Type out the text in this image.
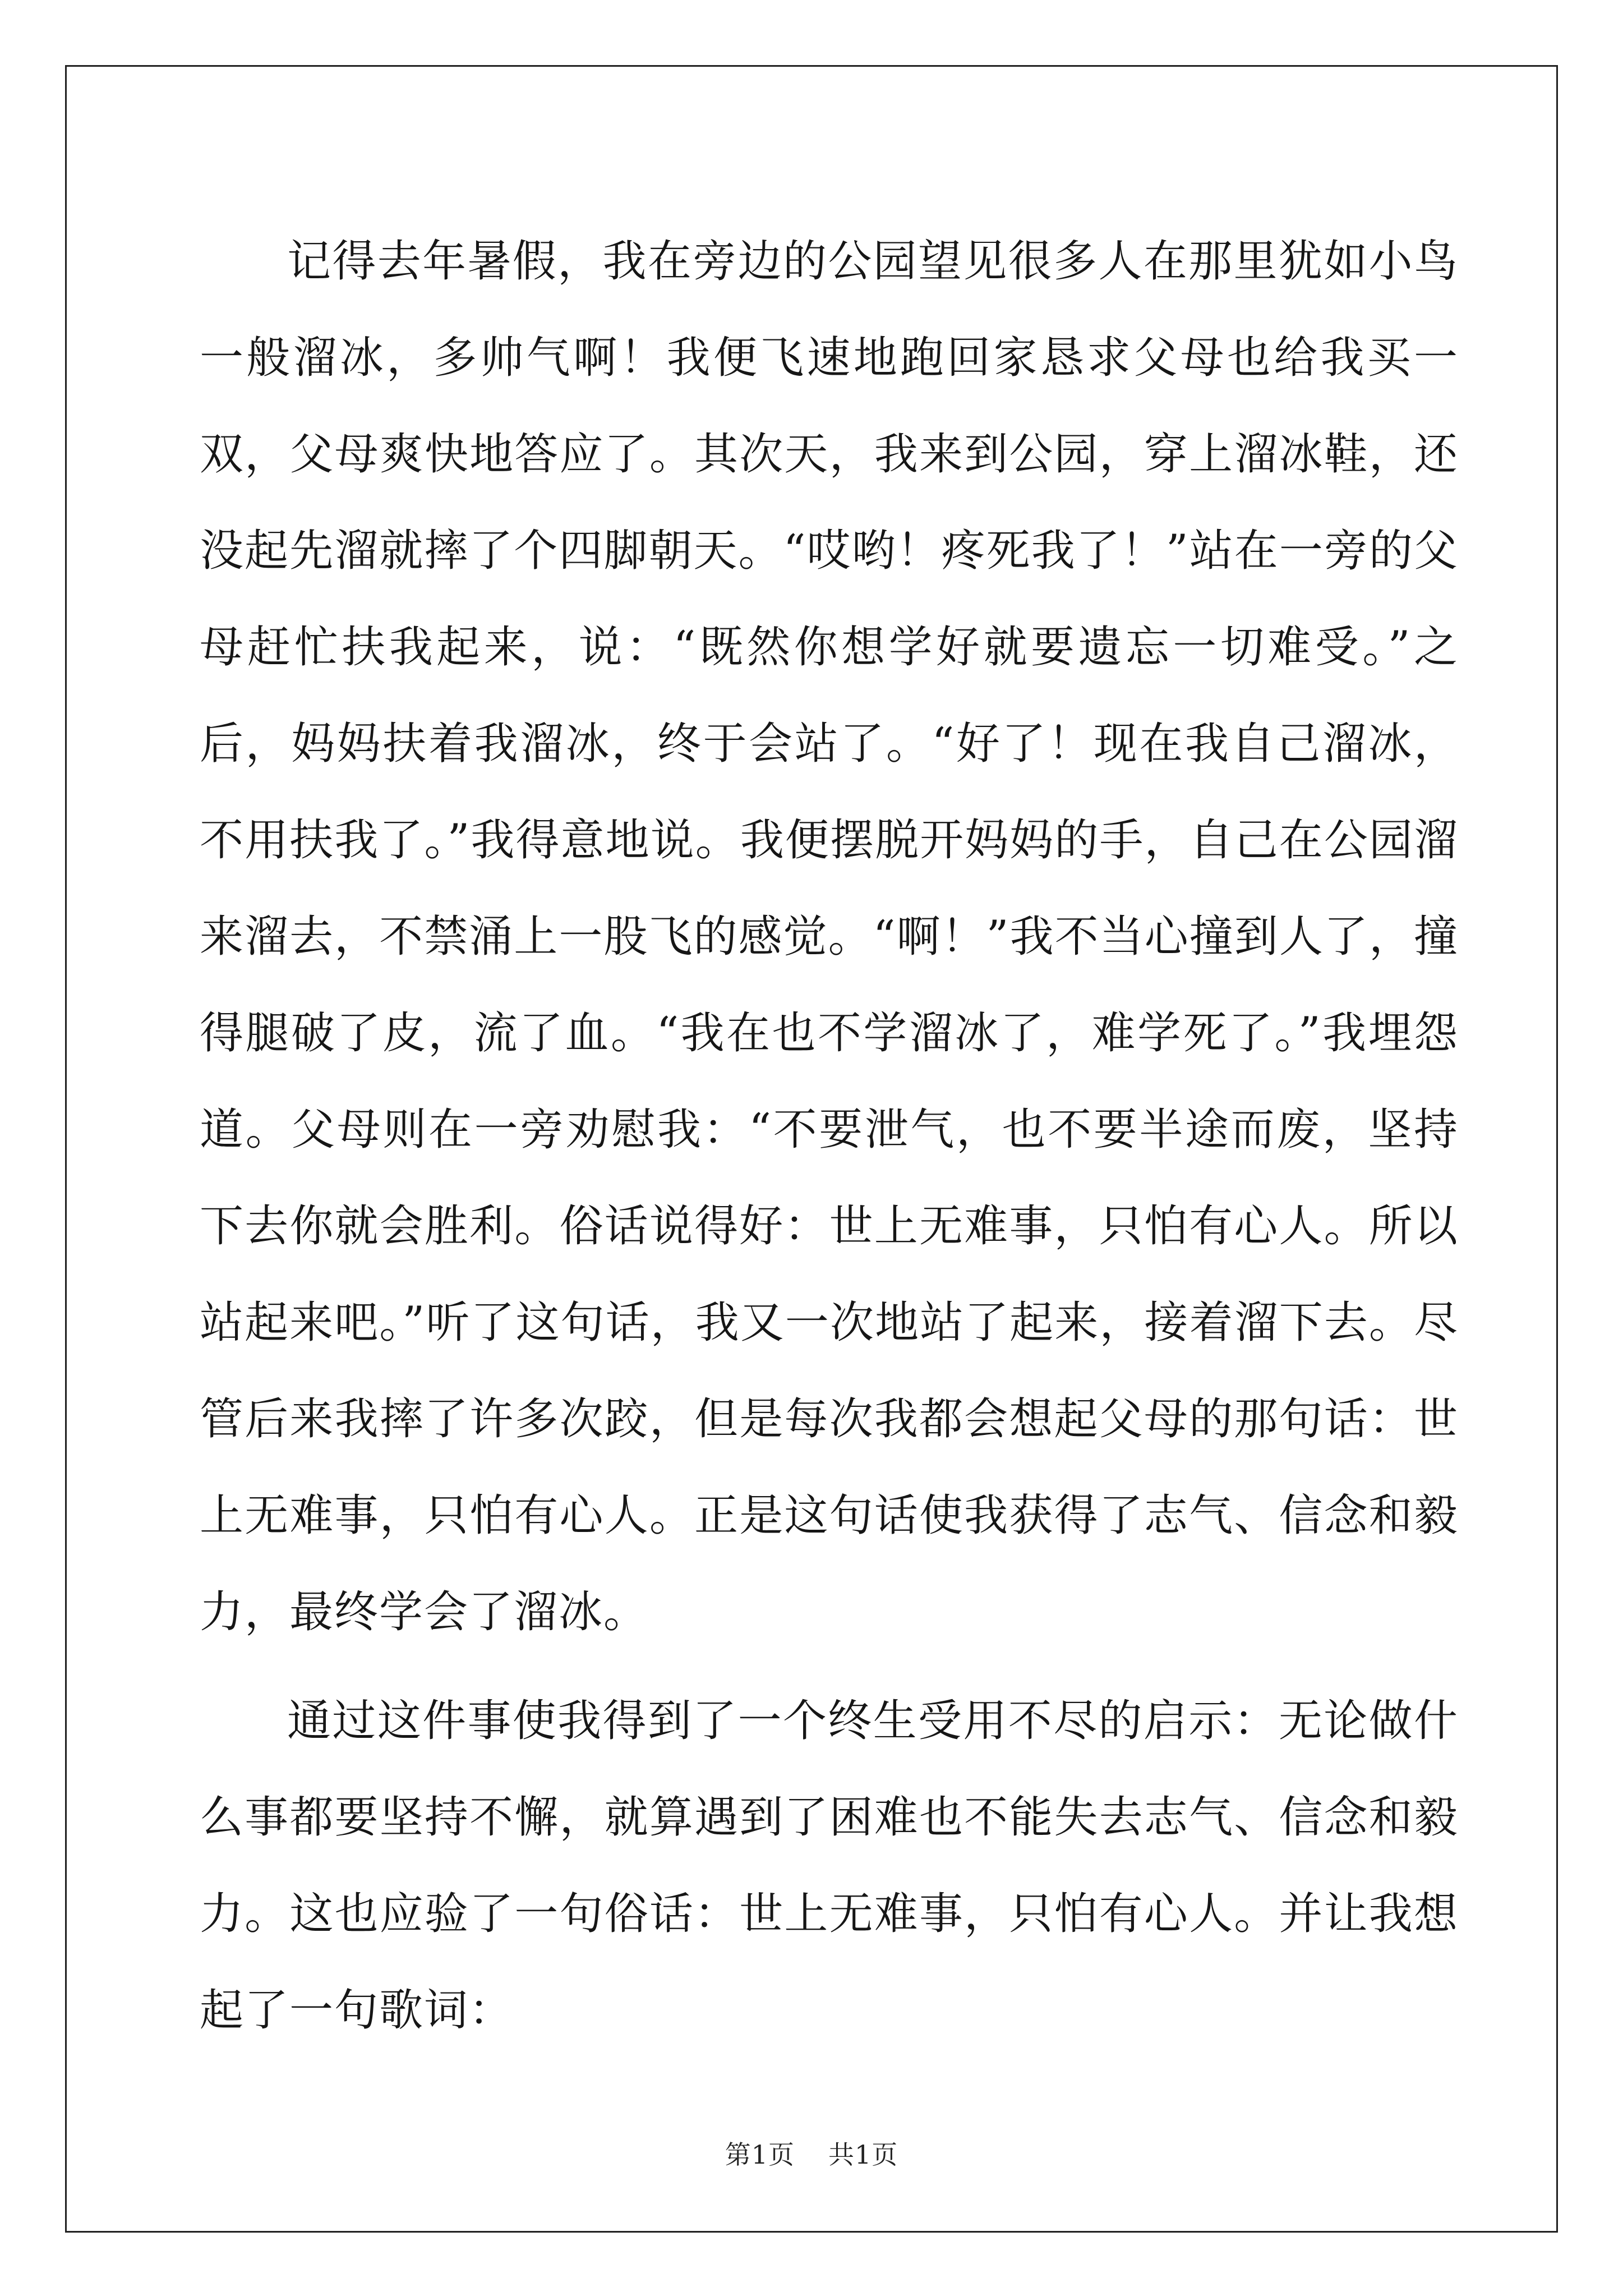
记得去年暑假，我在旁边的公园望见很多人在那里犹如小鸟一般溜冰，多帅气啊！我便飞速地跑回家恳求父母也给我买一双，父母爽快地答应了。其次天，我来到公园，穿上溜冰鞋，还没起先溜就摔了个四脚朝天。“哎哟！疼死我了！”站在一旁的父母赶忙扶我起来，说：“既然你想学好就要遗忘一切难受。”之后，妈妈扶着我溜冰，终于会站了。“好了！现在我自己溜冰，不用扶我了。”我得意地说。我便摆脱开妈妈的手，自己在公园溜来溜去，不禁涌上一股飞的感觉。“啊！”我不当心撞到人了，撞得腿破了皮，流了血。“我在也不学溜冰了，难学死了。”我埋怨道。父母则在一旁劝慰我：“不要泄气，也不要半途而废，坚持下去你就会胜利。俗话说得好：世上无难事，只怕有心人。所以站起来吧。”听了这句话，我又一次地站了起来，接着溜下去。尽管后来我摔了许多次跤，但是每次我都会想起父母的那句话：世上无难事，只怕有心人。正是这句话使我获得了志气、信念和毅力，最终学会了溜冰。

通过这件事使我得到了一个终生受用不尽的启示：无论做什么事都要坚持不懈，就算遇到了困难也不能失去志气、信念和毅力。这也应验了一句俗话：世上无难事，只怕有心人。并让我想起了一句歌词：

第1页 共1页
